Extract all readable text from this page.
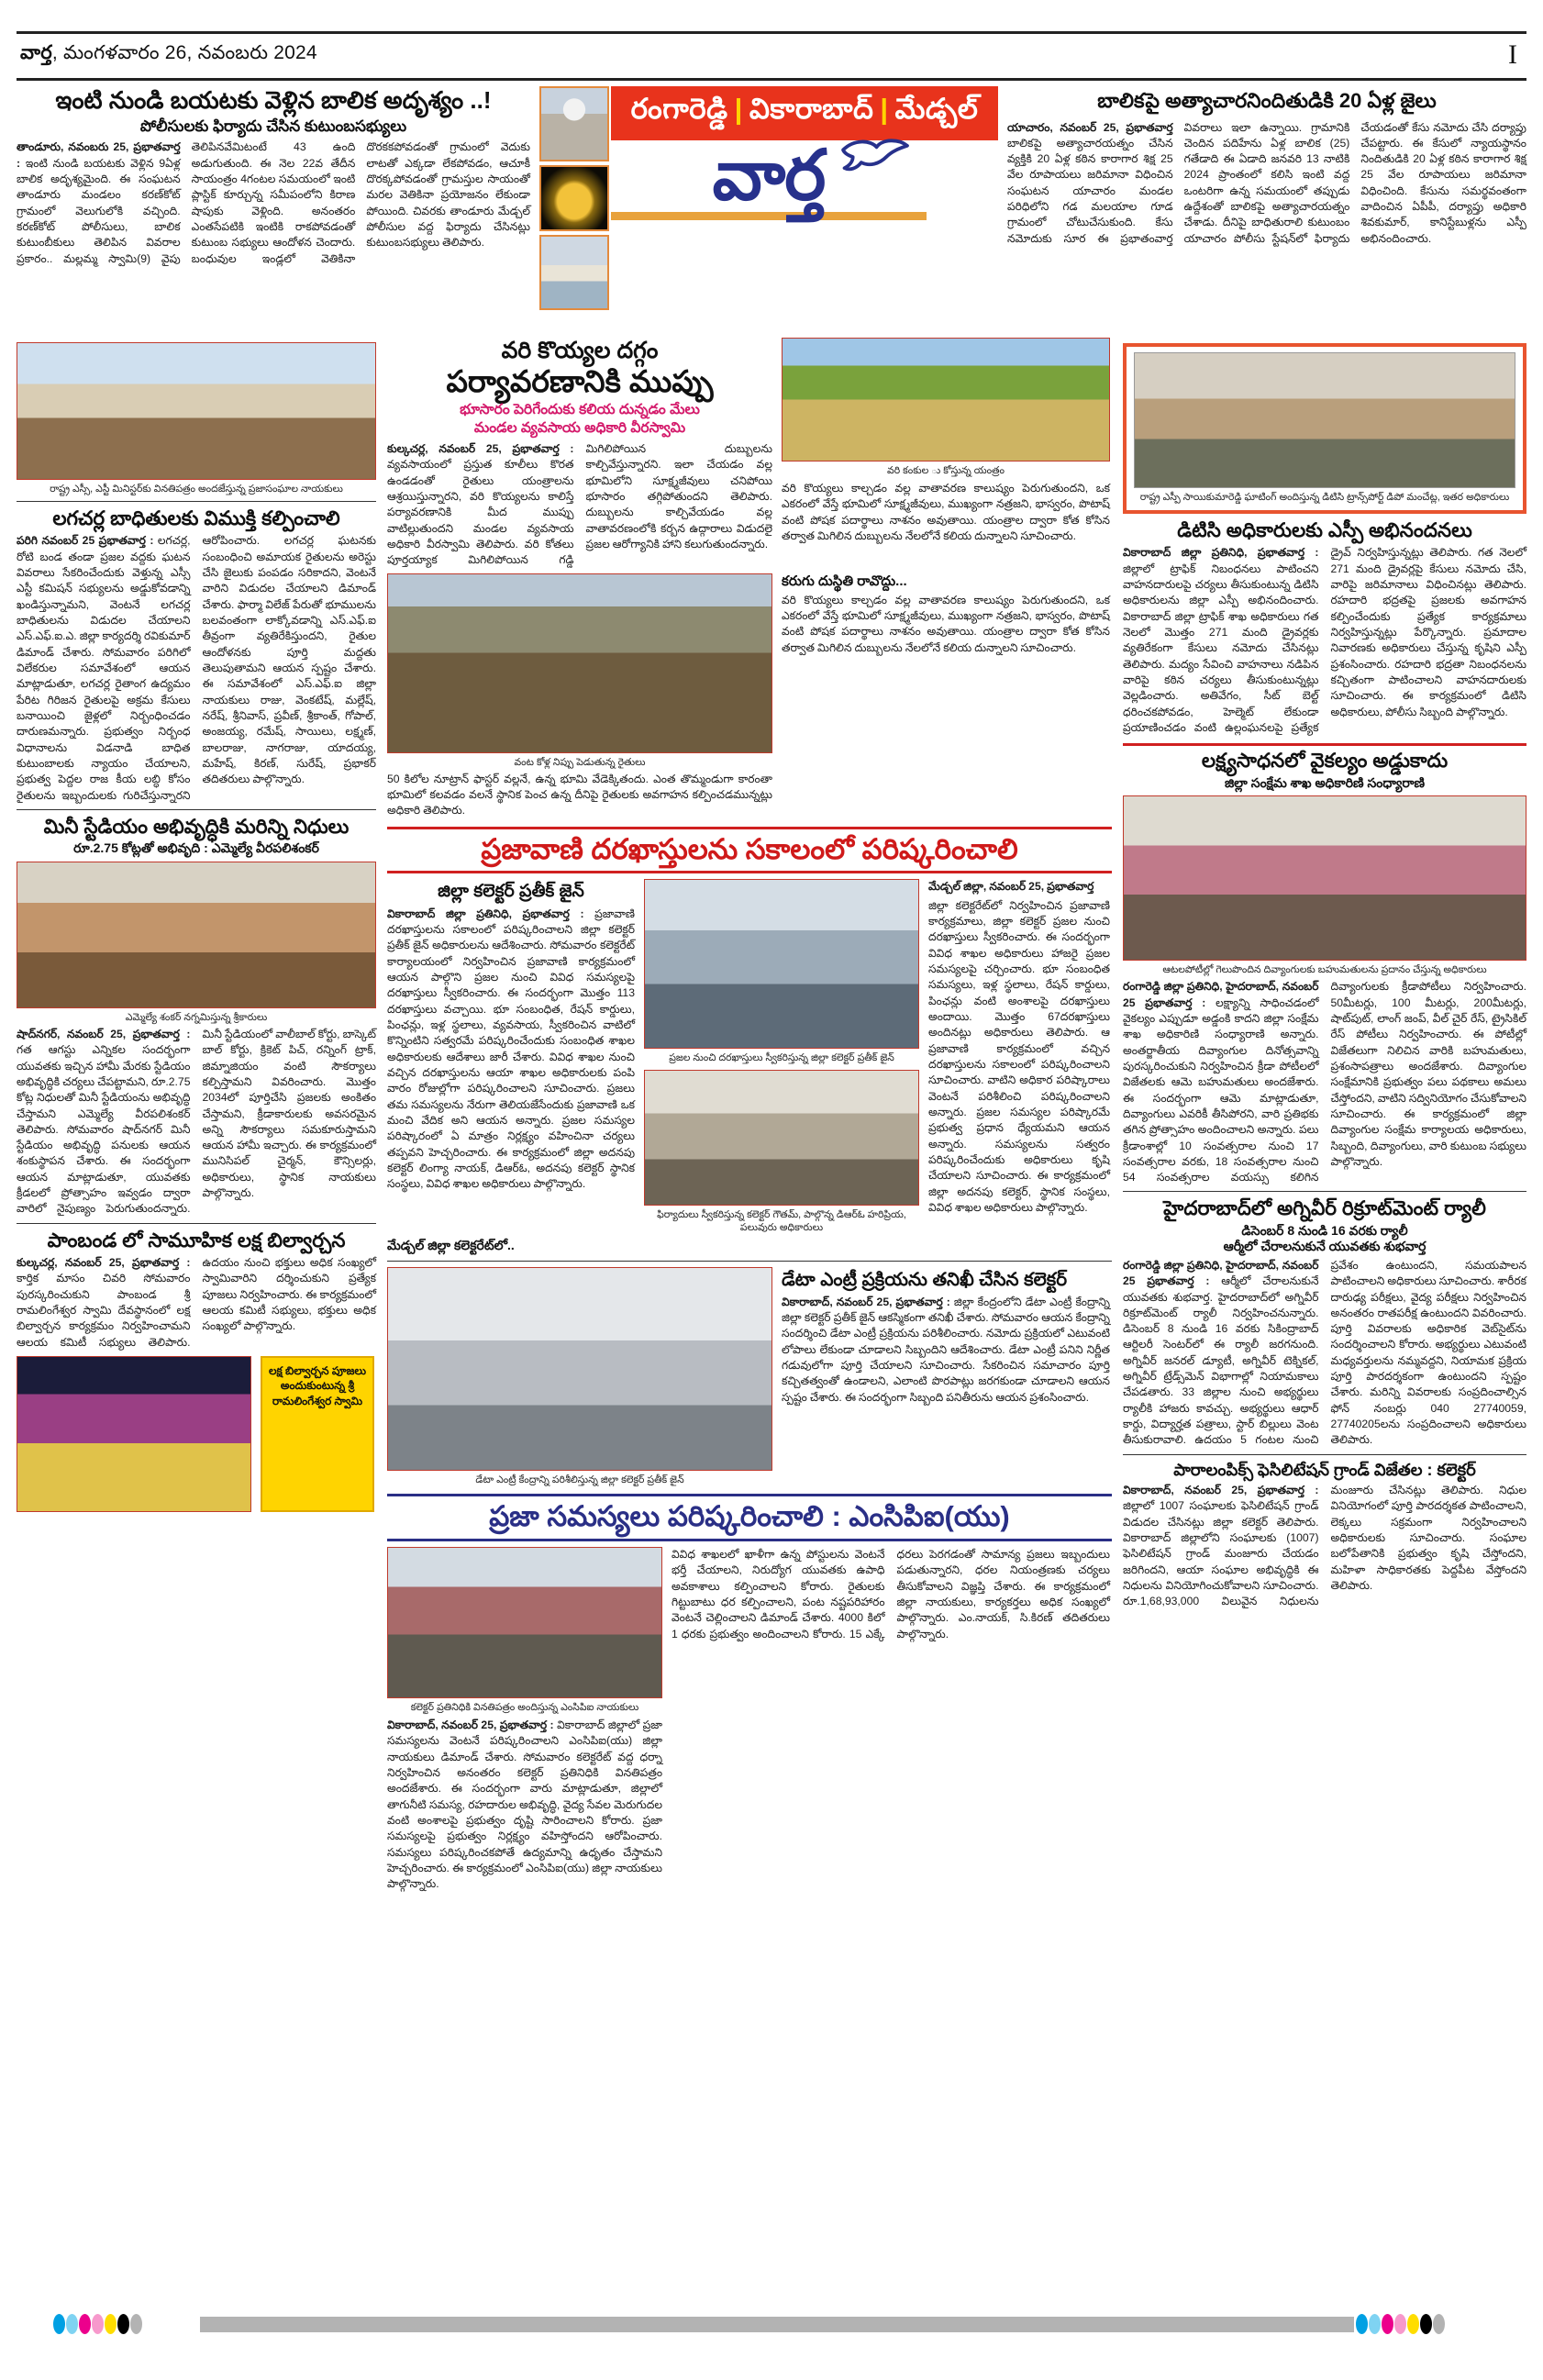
వార్త, మంగళవారం 26, నవంబరు 2024	I
ఇంటి నుండి బయటకు వెళ్లిన బాలిక అదృశ్యం ..!
పోలీసులకు ఫిర్యాదు చేసిన కుటుంబసభ్యులు
తాండూరు, నవంబరు 25, ప్రభాతవార్త : ఇంటి నుండి బయటకు వెళ్లిన 9ఏళ్ల బాలిక అదృశ్యమైంది. ఈ సంఘటన తాండూరు మండలం కరణ్‌కోట్ గ్రామంలో వెలుగులోకి వచ్చింది. కరణ్‌కోట్ పోలీసులు, బాలిక కుటుంబీకులు తెలిపిన వివరాల ప్రకారం.. మల్లమ్మ స్వామి(9) వైపు తెలిపినవేమిటంటే 43 ఉంది అడుగుతుంది. ఈ నెల 22వ తేదీన సాయంత్రం 4గంటల సమయంలో ఇంటి ప్లాస్టిక్ కూర్చున్న సమీపంలోని కిరాణ షాపుకు వెళ్లింది. అనంతరం ఎంతసేపటికి ఇంటికి రాకపోవడంతో కుటుంబ సభ్యులు ఆందోళన చెందారు. బంధువుల ఇండ్లలో వెతికినా దొరకకపోవడంతో గ్రామంలో వెదుకు లాటతో ఎక్కడా లేకపోవడం, ఆచూకీ దొరక్కపోవడంతో గ్రామస్తుల సాయంతో మరల వెతికినా ప్రయోజనం లేకుండా పోయింది. చివరకు తాండూరు మేడ్చల్ పోలీసుల వద్ద ఫిర్యాదు చేసినట్లు కుటుంబసభ్యులు తెలిపారు.
రంగారెడ్డి | వికారాబాద్ | మేడ్చల్
వార్త
బాలికపై అత్యాచారనిందితుడికి 20 ఏళ్ల జైలు
యాచారం, నవంబర్ 25, ప్రభాతవార్త బాలికపై అత్యాచారయత్నం చేసిన వ్యక్తికి 20 ఏళ్ల కఠిన కారాగార శిక్ష 25 వేల రూపాయలు జరిమానా విధించిన సంఘటన యాచారం మండల పరిధిలోని గడ మలయాల గూడ గ్రామంలో చోటుచేసుకుంది. కేసు నమోదుకు సూర ఈ ప్రభాతంవార్త వివరాలు ఇలా ఉన్నాయి. గ్రామానికి చెందిన పదిహేను ఏళ్ల బాలిక (25) గతేడాది ఈ ఏడాది జనవరి 13 నాటికి 2024 ప్రాంతంలో కలిసి ఇంటి వద్ద ఒంటరిగా ఉన్న సమయంలో తప్పుడు ఉద్దేశంతో బాలికపై అత్యాచారయత్నం చేశాడు. దీనిపై బాధితురాలి కుటుంబం యాచారం పోలీసు స్టేషన్‌లో ఫిర్యాదు చేయడంతో కేసు నమోదు చేసి దర్యాప్తు చేపట్టారు. ఈ కేసులో న్యాయస్థానం నిందితుడికి 20 ఏళ్ల కఠిన కారాగార శిక్ష 25 వేల రూపాయలు జరిమానా విధించింది. కేసును సమర్థవంతంగా వాదించిన ఏపీపీ, దర్యాప్తు అధికారి శివకుమార్, కానిస్టేబుళ్లను ఎస్పీ అభినందించారు.
రాష్ట్ర ఎస్సీ, ఎస్టీ మినిస్టర్‌కు వినతిపత్రం అందజేస్తున్న ప్రజాసంఘాల నాయకులు
లగచర్ల బాధితులకు విముక్తి కల్పించాలి
పరిగి నవంబర్ 25 ప్రభాతవార్త : లగచర్ల, రోటి బండ తండా ప్రజల వద్దకు ఘటన వివరాలు సేకరించేందుకు వెళ్తున్న ఎస్సీ ఎస్టీ కమిషన్ సభ్యులను అడ్డుకోవడాన్ని ఖండిస్తున్నామని, వెంటనే లగచర్ల బాధితులను విడుదల చేయాలని ఎస్.ఎఫ్.ఐ.ఎ. జిల్లా కార్యదర్శి రవికుమార్ డిమాండ్ చేశారు. సోమవారం పరిగిలో విలేకరుల సమావేశంలో ఆయన మాట్లాడుతూ, లగచర్ల రైతాంగ ఉద్యమం పేరిట గిరిజన రైతులపై అక్రమ కేసులు బనాయించి జైళ్లలో నిర్బంధించడం దారుణమన్నారు. ప్రభుత్వం నిర్బంధ విధానాలను విడనాడి బాధిత కుటుంబాలకు న్యాయం చేయాలని, ప్రభుత్వ పెద్దల రాజ కీయ లబ్ధి కోసం రైతులను ఇబ్బందులకు గురిచేస్తున్నారని ఆరోపించారు. లగచర్ల ఘటనకు సంబంధించి అమాయక రైతులను అరెస్టు చేసి జైలుకు పంపడం సరికాదని, వెంటనే వారిని విడుదల చేయాలని డిమాండ్ చేశారు. ఫార్మా విలేజ్ పేరుతో భూములను బలవంతంగా లాక్కోవడాన్ని ఎస్.ఎఫ్.ఐ తీవ్రంగా వ్యతిరేకిస్తుందని, రైతుల ఆందోళనకు పూర్తి మద్దతు తెలుపుతామని ఆయన స్పష్టం చేశారు. ఈ సమావేశంలో ఎస్.ఎఫ్.ఐ జిల్లా నాయకులు రాజు, వెంకటేష్, మల్లేష్, నరేష్, శ్రీనివాస్, ప్రవీణ్, శ్రీకాంత్, గోపాల్, అంజయ్య, రమేష్, సాయిలు, లక్ష్మణ్, బాలరాజు, నాగరాజు, యాదయ్య, మహేష్, కిరణ్, సురేష్, ప్రభాకర్ తదితరులు పాల్గొన్నారు.
మినీ స్టేడియం అభివృద్ధికి మరిన్ని నిధులు
రూ.2.75 కోట్లతో అభివృది : ఎమ్మెల్యే వీరపలిశంకర్
ఎమ్మెల్యే శంకర్ నగ్నమిస్తున్న శ్రీకారులు
షాద్‌నగర్, నవంబర్ 25, ప్రభాతవార్త : గత ఆగస్టు ఎన్నికల సందర్భంగా యువతకు ఇచ్చిన హామీ మేరకు స్టేడియం అభివృద్ధికి చర్యలు చేపట్టామని, రూ.2.75 కోట్ల నిధులతో మినీ స్టేడియంను అభివృద్ధి చేస్తామని ఎమ్మెల్యే వీరపలిశంకర్ తెలిపారు. సోమవారం షాద్‌నగర్ మినీ స్టేడియం అభివృద్ధి పనులకు ఆయన శంకుస్థాపన చేశారు. ఈ సందర్భంగా ఆయన మాట్లాడుతూ, యువతకు క్రీడలలో ప్రోత్సాహం ఇవ్వడం ద్వారా వారిలో నైపుణ్యం పెరుగుతుందన్నారు. మినీ స్టేడియంలో వాలీబాల్ కోర్టు, బాస్కెట్ బాల్ కోర్టు, క్రికెట్ పిచ్, రన్నింగ్ ట్రాక్, జిమ్నాజియం వంటి సౌకర్యాలు కల్పిస్తామని వివరించారు. మొత్తం 2034లో పూర్తిచేసి ప్రజలకు అంకితం చేస్తామని, క్రీడాకారులకు అవసరమైన అన్ని సౌకర్యాలు సమకూరుస్తామని ఆయన హామీ ఇచ్చారు. ఈ కార్యక్రమంలో మునిసిపల్ చైర్మన్, కౌన్సిలర్లు, అధికారులు, స్థానిక నాయకులు పాల్గొన్నారు.
పాంబండ లో సామూహిక లక్ష బిల్వార్చన
కుల్కచర్ల, నవంబర్ 25, ప్రభాతవార్త : కార్తిక మాసం చివరి సోమవారం పురస్కరించుకుని పాంబండ శ్రీ రామలింగేశ్వర స్వామి దేవస్థానంలో లక్ష బిల్వార్చన కార్యక్రమం నిర్వహించామని ఆలయ కమిటీ సభ్యులు తెలిపారు. ఉదయం నుంచి భక్తులు అధిక సంఖ్యలో స్వామివారిని దర్శించుకుని ప్రత్యేక పూజలు నిర్వహించారు. ఈ కార్యక్రమంలో ఆలయ కమిటీ సభ్యులు, భక్తులు అధిక సంఖ్యలో పాల్గొన్నారు.
లక్ష బిల్వార్చన పూజలు అందుకుంటున్న శ్రీ రామలింగేశ్వర స్వామి
వరి కొయ్యల దగ్గం
పర్యావరణానికి ముప్పు
భూసారం పెరిగేందుకు కలియ దున్నడం మేలు
మండల వ్యవసాయ అధికారి వీరస్వామి
కుల్కచర్ల, నవంబర్ 25, ప్రభాతవార్త : వ్యవసాయంలో ప్రస్తుత కూలీలు కొరత ఉండడంతో రైతులు యంత్రాలను ఆశ్రయిస్తున్నారని, వరి కొయ్యలను కాలిస్తే పర్యావరణానికి మీద ముప్పు వాటిల్లుతుందని మండల వ్యవసాయ అధికారి వీరస్వామి తెలిపారు. వరి కోతలు పూర్తయ్యాక మిగిలిపోయిన గడ్డి మిగిలిపోయిన దుబ్బులను కాల్చివేస్తున్నారని. ఇలా చేయడం వల్ల భూమిలోని సూక్ష్మజీవులు చనిపోయి భూసారం తగ్గిపోతుందని తెలిపారు. దుబ్బులను కాల్చివేయడం వల్ల వాతావరణంలోకి కర్బన ఉద్గారాలు విడుదలై ప్రజల ఆరోగ్యానికి హాని కలుగుతుందన్నారు.
వరి కంకుల ు కోస్తున్న యంత్రం
వరి కొయ్యలు కాల్చడం వల్ల వాతావరణ కాలుష్యం పెరుగుతుందని, ఒక ఎకరంలో వేస్తే భూమిలో సూక్ష్మజీవులు, ముఖ్యంగా నత్రజని, భాస్వరం, పొటాష్ వంటి పోషక పదార్థాలు నాశనం అవుతాయి. యంత్రాల ద్వారా కోత కోసిన తర్వాత మిగిలిన దుబ్బులను నేలలోనే కలియ దున్నాలని సూచించారు.
వంట కోళ్ల నిప్పు పెడుతున్న రైతులు
50 కిలోల నూట్రాన్ ఫాస్టర్ వల్లనే, ఉన్న భూమి వేడెక్కితందు. ఎంత తొమ్మండుగా కారంతా భూమిలో కలవడం వలనే స్థానిక పెంచ ఉన్న దీనిపై రైతులకు అవగాహన కల్పించడమున్నట్లు అధికారి తెలిపారు.
కరుగు దుస్థితి రావొద్దు...
వరి కొయ్యలు కాల్చడం వల్ల వాతావరణ కాలుష్యం పెరుగుతుందని, ఒక ఎకరంలో వేస్తే భూమిలో సూక్ష్మజీవులు, ముఖ్యంగా నత్రజని, భాస్వరం, పొటాష్ వంటి పోషక పదార్థాలు నాశనం అవుతాయి. యంత్రాల ద్వారా కోత కోసిన తర్వాత మిగిలిన దుబ్బులను నేలలోనే కలియ దున్నాలని సూచించారు.
ప్రజావాణి దరఖాస్తులను సకాలంలో పరిష్కరించాలి
జిల్లా కలెక్టర్ ప్రతీక్ జైన్
వికారాబాద్ జిల్లా ప్రతినిధి, ప్రభాతవార్త : ప్రజావాణి దరఖాస్తులను సకాలంలో పరిష్కరించాలని జిల్లా కలెక్టర్ ప్రతీక్ జైన్ అధికారులను ఆదేశించారు. సోమవారం కలెక్టరేట్ కార్యాలయంలో నిర్వహించిన ప్రజావాణి కార్యక్రమంలో ఆయన పాల్గొని ప్రజల నుంచి వివిధ సమస్యలపై దరఖాస్తులు స్వీకరించారు. ఈ సందర్భంగా మొత్తం 113 దరఖాస్తులు వచ్చాయి. భూ సంబంధిత, రేషన్ కార్డులు, పింఛన్లు, ఇళ్ల స్థలాలు, వ్యవసాయ, స్వీకరించిన వాటిలో కొన్నింటిని సత్వరమే పరిష్కరించేందుకు సంబంధిత శాఖల అధికారులకు ఆదేశాలు జారీ చేశారు. వివిధ శాఖల నుంచి వచ్చిన దరఖాస్తులను ఆయా శాఖల అధికారులకు పంపి వారం రోజుల్లోగా పరిష్కరించాలని సూచించారు. ప్రజలు తమ సమస్యలను నేరుగా తెలియజేసేందుకు ప్రజావాణి ఒక మంచి వేదిక అని ఆయన అన్నారు. ప్రజల సమస్యల పరిష్కారంలో ఏ మాత్రం నిర్లక్ష్యం వహించినా చర్యలు తప్పవని హెచ్చరించారు. ఈ కార్యక్రమంలో జిల్లా అదనపు కలెక్టర్ లింగ్యా నాయక్, డిఆర్‌ఓ, అదనపు కలెక్టర్ స్థానిక సంస్థలు, వివిధ శాఖల అధికారులు పాల్గొన్నారు.
ప్రజల నుంచి దరఖాస్తులు స్వీకరిస్తున్న జిల్లా కలెక్టర్ ప్రతీక్ జైన్
ఫిర్యాదులు స్వీకరిస్తున్న కలెక్టర్ గౌతమ్, పాల్గొన్న డిఆర్‌ఓ హరిప్రియ, పలువురు అధికారులు
మేడ్చల్ జిల్లా, నవంబర్ 25, ప్రభాతవార్త
జిల్లా కలెక్టరేట్‌లో నిర్వహించిన ప్రజావాణి కార్యక్రమాలు, జిల్లా కలెక్టర్ ప్రజల నుంచి దరఖాస్తులు స్వీకరించారు. ఈ సందర్భంగా వివిధ శాఖల అధికారులు హాజరై ప్రజల సమస్యలపై చర్చించారు. భూ సంబంధిత సమస్యలు, ఇళ్ల స్థలాలు, రేషన్ కార్డులు, పింఛన్లు వంటి అంశాలపై దరఖాస్తులు అందాయి. మొత్తం 67దరఖాస్తులు అందినట్లు అధికారులు తెలిపారు. ఆ ప్రజావాణి కార్యక్రమంలో వచ్చిన దరఖాస్తులను సకాలంలో పరిష్కరించాలని సూచించారు. వాటిని అధికార పరిష్కారాలు వెంటనే పరిశీలించి పరిష్కరించాలని అన్నారు. ప్రజల సమస్యల పరిష్కారమే ప్రభుత్వ ప్రధాన ధ్యేయమని ఆయన అన్నారు. సమస్యలను సత్వరం పరిష్కరించేందుకు అధికారులు కృషి చేయాలని సూచించారు. ఈ కార్యక్రమంలో జిల్లా అదనపు కలెక్టర్, స్థానిక సంస్థలు, వివిధ శాఖల అధికారులు పాల్గొన్నారు.
మేడ్చల్ జిల్లా కలెక్టరేట్‌లో..
డేటా ఎంట్రీ కేంద్రాన్ని పరిశీలిస్తున్న జిల్లా కలెక్టర్ ప్రతీక్ జైన్
డేటా ఎంట్రీ ప్రక్రియను తనిఖీ చేసిన కలెక్టర్
వికారాబాద్, నవంబర్ 25, ప్రభాతవార్త : జిల్లా కేంద్రంలోని డేటా ఎంట్రీ కేంద్రాన్ని జిల్లా కలెక్టర్ ప్రతీక్ జైన్ ఆకస్మికంగా తనిఖీ చేశారు. సోమవారం ఆయన కేంద్రాన్ని సందర్శించి డేటా ఎంట్రీ ప్రక్రియను పరిశీలించారు. నమోదు ప్రక్రియలో ఎటువంటి లోపాలు లేకుండా చూడాలని సిబ్బందిని ఆదేశించారు. డేటా ఎంట్రీ పనిని నిర్ణీత గడువులోగా పూర్తి చేయాలని సూచించారు. సేకరించిన సమాచారం పూర్తి కచ్చితత్వంతో ఉండాలని, ఎలాంటి పొరపాట్లు జరగకుండా చూడాలని ఆయన స్పష్టం చేశారు. ఈ సందర్భంగా సిబ్బంది పనితీరును ఆయన ప్రశంసించారు.
ప్రజా సమస్యలు పరిష్కరించాలి : ఎంసిపిఐ(యు)
కలెక్టర్ ప్రతినిధికి వినతిపత్రం అందిస్తున్న ఎంసిపిఐ నాయకులు
వికారాబాద్, నవంబర్ 25, ప్రభాతవార్త : వికారాబాద్ జిల్లాలో ప్రజా సమస్యలను వెంటనే పరిష్కరించాలని ఎంసిపిఐ(యు) జిల్లా నాయకులు డిమాండ్ చేశారు. సోమవారం కలెక్టరేట్ వద్ద ధర్నా నిర్వహించిన అనంతరం కలెక్టర్ ప్రతినిధికి వినతిపత్రం అందజేశారు. ఈ సందర్భంగా వారు మాట్లాడుతూ, జిల్లాలో తాగునీటి సమస్య, రహదారుల అభివృద్ధి, వైద్య సేవల మెరుగుదల వంటి అంశాలపై ప్రభుత్వం దృష్టి సారించాలని కోరారు. ప్రజా సమస్యలపై ప్రభుత్వం నిర్లక్ష్యం వహిస్తోందని ఆరోపించారు. సమస్యలు పరిష్కరించకపోతే ఉద్యమాన్ని ఉధృతం చేస్తామని హెచ్చరించారు. ఈ కార్యక్రమంలో ఎంసిపిఐ(యు) జిల్లా నాయకులు పాల్గొన్నారు.
వివిధ శాఖలలో ఖాళీగా ఉన్న పోస్టులను వెంటనే భర్తీ చేయాలని, నిరుద్యోగ యువతకు ఉపాధి అవకాశాలు కల్పించాలని కోరారు. రైతులకు గిట్టుబాటు ధర కల్పించాలని, పంట నష్టపరిహారం వెంటనే చెల్లించాలని డిమాండ్ చేశారు. 4000 కిలో 1 ధరకు ప్రభుత్వం అందించాలని కోరారు. 15 ఎక్కే ధరలు పెరగడంతో సామాన్య ప్రజలు ఇబ్బందులు పడుతున్నారని, ధరల నియంత్రణకు చర్యలు తీసుకోవాలని విజ్ఞప్తి చేశారు. ఈ కార్యక్రమంలో జిల్లా నాయకులు, కార్యకర్తలు అధిక సంఖ్యలో పాల్గొన్నారు. ఎం.నాయక్, సి.కిరణ్ తదితరులు పాల్గొన్నారు.
రాష్ట్ర ఎస్పీ సాయికుమారెడ్డి ఘాటింగ్ అందిస్తున్న డిటిసి ట్రాన్స్‌పోర్ట్ డిపో మంచేట్ల, ఇతర అధికారులు
డిటిసి అధికారులకు ఎస్పీ అభినందనలు
వికారాబాద్ జిల్లా ప్రతినిధి, ప్రభాతవార్త : జిల్లాలో ట్రాఫిక్ నిబంధనలు పాటించని వాహనదారులపై చర్యలు తీసుకుంటున్న డిటిసి అధికారులను జిల్లా ఎస్పీ అభినందించారు. వికారాబాద్ జిల్లా ట్రాఫిక్ శాఖ అధికారులు గత నెలలో మొత్తం 271 మంది డ్రైవర్లకు వ్యతిరేకంగా కేసులు నమోదు చేసినట్లు తెలిపారు. మద్యం సేవించి వాహనాలు నడిపిన వారిపై కఠిన చర్యలు తీసుకుంటున్నట్లు వెల్లడించారు. అతివేగం, సీట్ బెల్ట్ ధరించకపోవడం, హెల్మెట్ లేకుండా ప్రయాణించడం వంటి ఉల్లంఘనలపై ప్రత్యేక డ్రైవ్ నిర్వహిస్తున్నట్లు తెలిపారు. గత నెలలో 271 మంది డ్రైవర్లపై కేసులు నమోదు చేసి, వారిపై జరిమానాలు విధించినట్లు తెలిపారు. రహదారి భద్రతపై ప్రజలకు అవగాహన కల్పించేందుకు ప్రత్యేక కార్యక్రమాలు నిర్వహిస్తున్నట్లు పేర్కొన్నారు. ప్రమాదాల నివారణకు అధికారులు చేస్తున్న కృషిని ఎస్పీ ప్రశంసించారు. రహదారి భద్రతా నిబంధనలను కచ్చితంగా పాటించాలని వాహనదారులకు సూచించారు. ఈ కార్యక్రమంలో డిటిసి అధికారులు, పోలీసు సిబ్బంది పాల్గొన్నారు.
లక్ష్యసాధనలో వైకల్యం అడ్డుకాదు
జిల్లా సంక్షేమ శాఖ అధికారిణి సంధ్యారాణి
ఆటలపోటీల్లో గెలుపొందిన దివ్యాంగులకు బహుమతులను ప్రదానం చేస్తున్న అధికారులు
రంగారెడ్డి జిల్లా ప్రతినిధి, హైదరాబాద్, నవంబర్ 25 ప్రభాతవార్త : లక్ష్యాన్ని సాధించడంలో వైకల్యం ఎప్పుడూ అడ్డంకి కాదని జిల్లా సంక్షేమ శాఖ అధికారిణి సంధ్యారాణి అన్నారు. అంతర్జాతీయ దివ్యాంగుల దినోత్సవాన్ని పురస్కరించుకుని నిర్వహించిన క్రీడా పోటీలలో విజేతలకు ఆమె బహుమతులు అందజేశారు. ఈ సందర్భంగా ఆమె మాట్లాడుతూ, దివ్యాంగులు ఎవరికీ తీసిపోరని, వారి ప్రతిభకు తగిన ప్రోత్సాహం అందించాలని అన్నారు. పలు క్రీడాంశాల్లో 10 సంవత్సరాల నుంచి 17 సంవత్సరాల వరకు, 18 సంవత్సరాల నుంచి 54 సంవత్సరాల వయస్సు కలిగిన దివ్యాంగులకు క్రీడాపోటీలు నిర్వహించారు. 50మీటర్లు, 100 మీటర్లు, 200మీటర్లు, షాట్‌పుట్, లాంగ్ జంప్, వీల్ చైర్ రేస్, ట్రైసికిల్ రేస్ పోటీలు నిర్వహించారు. ఈ పోటీల్లో విజేతలుగా నిలిచిన వారికి బహుమతులు, ప్రశంసాపత్రాలు అందజేశారు. దివ్యాంగుల సంక్షేమానికి ప్రభుత్వం పలు పథకాలు అమలు చేస్తోందని, వాటిని సద్వినియోగం చేసుకోవాలని సూచించారు. ఈ కార్యక్రమంలో జిల్లా దివ్యాంగుల సంక్షేమ కార్యాలయ అధికారులు, సిబ్బంది, దివ్యాంగులు, వారి కుటుంబ సభ్యులు పాల్గొన్నారు.
హైదరాబాద్‌లో అగ్నివీర్ రిక్రూట్‌మెంట్ ర్యాలీ
డిసెంబర్ 8 నుండి 16 వరకు ర్యాలీ
ఆర్మీలో చేరాలనుకునే యువతకు శుభవార్త
రంగారెడ్డి జిల్లా ప్రతినిధి, హైదరాబాద్, నవంబర్ 25 ప్రభాతవార్త : ఆర్మీలో చేరాలనుకునే యువతకు శుభవార్త. హైదరాబాద్‌లో అగ్నివీర్ రిక్రూట్‌మెంట్ ర్యాలీ నిర్వహించనున్నారు. డిసెంబర్ 8 నుండి 16 వరకు సికింద్రాబాద్ ఆర్టిలరీ సెంటర్‌లో ఈ ర్యాలీ జరగనుంది. అగ్నివీర్ జనరల్ డ్యూటీ, అగ్నివీర్ టెక్నికల్, అగ్నివీర్ ట్రేడ్స్‌మెన్ విభాగాల్లో నియామకాలు చేపడతారు. 33 జిల్లాల నుంచి అభ్యర్థులు ర్యాలీకి హాజరు కావచ్చు. అభ్యర్థులు ఆధార్ కార్డు, విద్యార్హత పత్రాలు, స్టార్ బిల్లులు వెంట తీసుకురావాలి. ఉదయం 5 గంటల నుంచి ప్రవేశం ఉంటుందని, సమయపాలన పాటించాలని అధికారులు సూచించారు. శారీరక దారుఢ్య పరీక్షలు, వైద్య పరీక్షలు నిర్వహించిన అనంతరం రాతపరీక్ష ఉంటుందని వివరించారు. పూర్తి వివరాలకు అధికారిక వెబ్‌సైట్‌ను సందర్శించాలని కోరారు. అభ్యర్థులు ఎటువంటి మధ్యవర్తులను నమ్మవద్దని, నియామక ప్రక్రియ పూర్తి పారదర్శకంగా ఉంటుందని స్పష్టం చేశారు. మరిన్ని వివరాలకు సంప్రదించాల్సిన ఫోన్ నంబర్లు 040 27740059, 27740205లను సంప్రదించాలని అధికారులు తెలిపారు.
పారాలంపిక్స్ ఫెసిలిటేషన్ గ్రాండ్ విజేతల : కలెక్టర్
వికారాబాద్, నవంబర్ 25, ప్రభాతవార్త : జిల్లాలో 1007 సంఘాలకు ఫెసిలిటేషన్ గ్రాండ్ విడుదల చేసినట్లు జిల్లా కలెక్టర్ తెలిపారు. వికారాబాద్ జిల్లాలోని సంఘాలకు (1007) ఫెసిలిటేషన్ గ్రాండ్ మంజూరు చేయడం జరిగిందని, ఆయా సంఘాల అభివృద్ధికి ఈ నిధులను వినియోగించుకోవాలని సూచించారు. రూ.1,68,93,000 విలువైన నిధులను మంజూరు చేసినట్లు తెలిపారు. నిధుల వినియోగంలో పూర్తి పారదర్శకత పాటించాలని, లెక్కలు సక్రమంగా నిర్వహించాలని అధికారులకు సూచించారు. సంఘాల బలోపేతానికి ప్రభుత్వం కృషి చేస్తోందని, మహిళా సాధికారతకు పెద్దపీట వేస్తోందని తెలిపారు.
